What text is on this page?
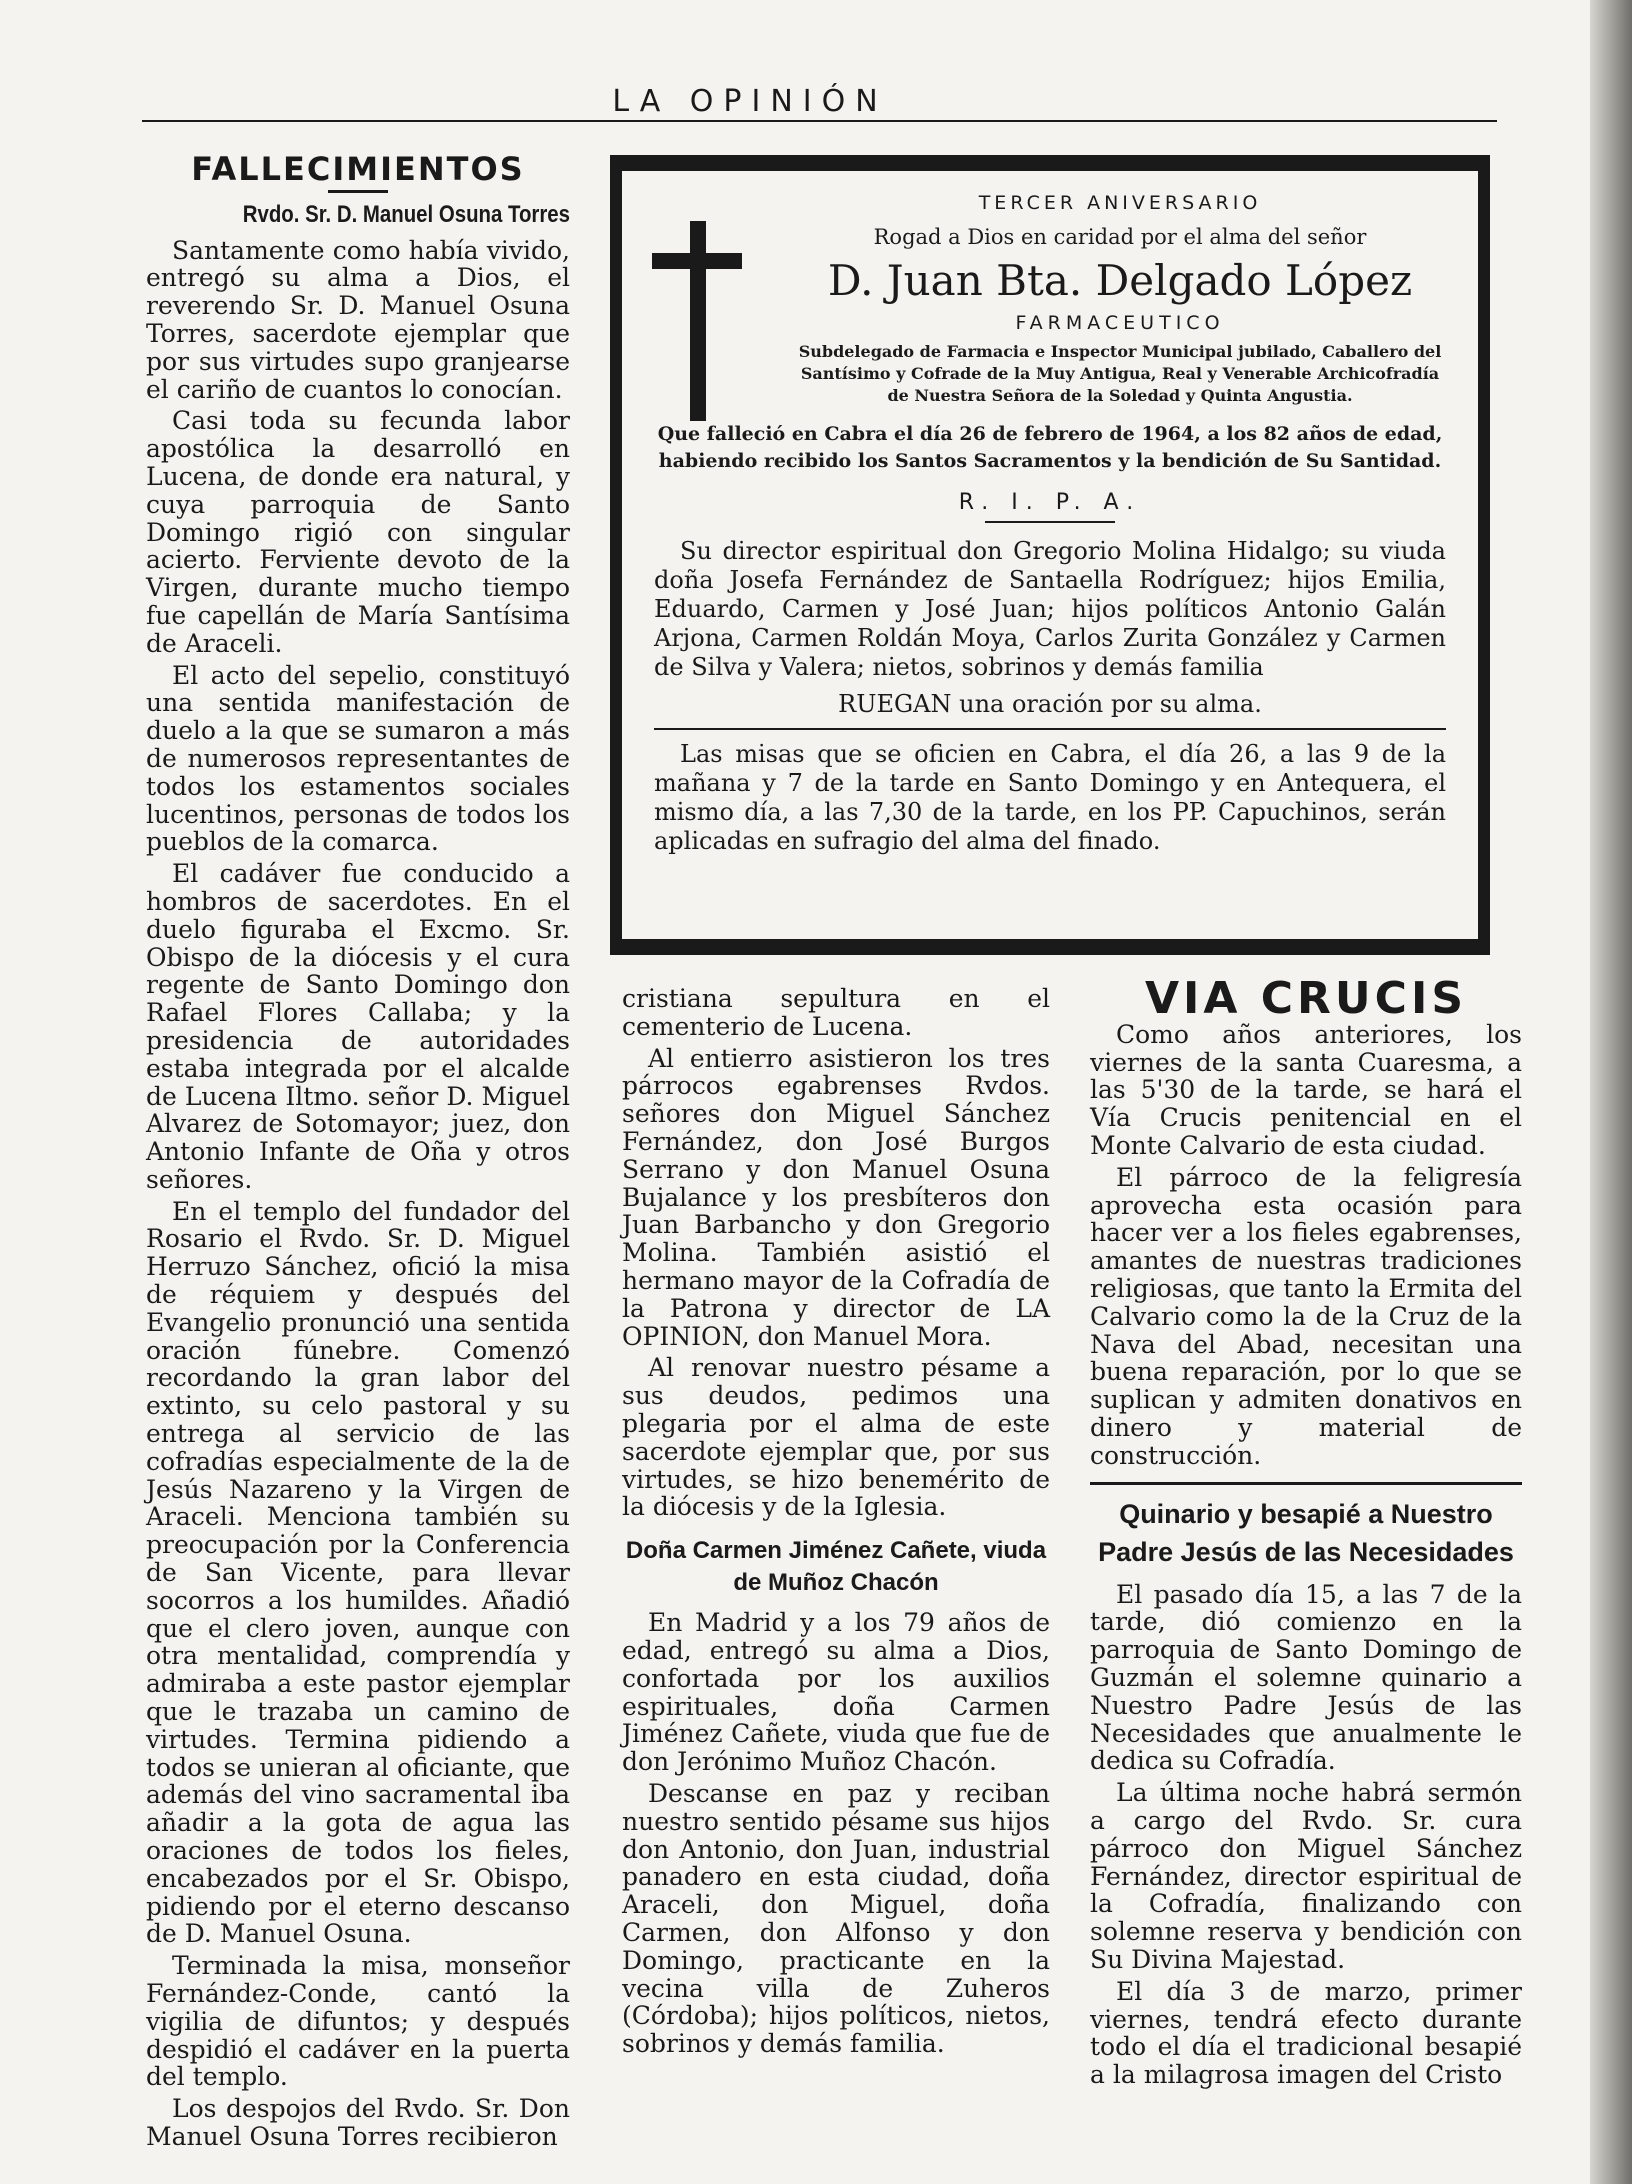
LA OPINIÓN
FALLECIMIENTOS
Rvdo. Sr. D. Manuel Osuna Torres

Santamente como había vivido, entregó su alma a Dios, el reverendo Sr. D. Manuel Osuna Torres, sacerdote ejemplar que por sus virtudes supo granjearse el cariño de cuantos lo conocían.

Casi toda su fecunda labor apostólica la desarrolló en Lucena, de donde era natural, y cuya parroquia de Santo Domingo rigió con singular acierto. Ferviente devoto de la Virgen, durante mucho tiempo fue capellán de María Santísima de Araceli.

El acto del sepelio, constituyó una sentida manifestación de duelo a la que se sumaron a más de numerosos representantes de todos los estamentos sociales lucentinos, personas de todos los pueblos de la comarca.

El cadáver fue conducido a hombros de sacerdotes. En el duelo figuraba el Excmo. Sr. Obispo de la diócesis y el cura regente de Santo Domingo don Rafael Flores Callaba; y la presidencia de autoridades estaba integrada por el alcalde de Lucena Iltmo. señor D. Miguel Alvarez de Sotomayor; juez, don Antonio Infante de Oña y otros señores.

En el templo del fundador del Rosario el Rvdo. Sr. D. Miguel Herruzo Sánchez, ofició la misa de réquiem y después del Evangelio pronunció una sentida oración fúnebre. Comenzó recordando la gran labor del extinto, su celo pastoral y su entrega al servicio de las cofradías especialmente de la de Jesús Nazareno y la Virgen de Araceli. Menciona también su preocupación por la Conferencia de San Vicente, para llevar socorros a los humildes. Añadió que el clero joven, aunque con otra mentalidad, comprendía y admiraba a este pastor ejemplar que le trazaba un camino de virtudes. Termina pidiendo a todos se unieran al oficiante, que además del vino sacramental iba añadir a la gota de agua las oraciones de todos los fieles, encabezados por el Sr. Obispo, pidiendo por el eterno descanso de D. Manuel Osuna.

Terminada la misa, monseñor Fernández-Conde, cantó la vigilia de difuntos; y después despidió el cadáver en la puerta del templo.

Los despojos del Rvdo. Sr. Don Manuel Osuna Torres recibieron

TERCER ANIVERSARIO
Rogad a Dios en caridad por el alma del señor
D. Juan Bta. Delgado López
FARMACEUTICO
Subdelegado de Farmacia e Inspector Municipal jubilado, Caballero del Santísimo y Cofrade de la Muy Antigua, Real y Venerable Archicofradía de Nuestra Señora de la Soledad y Quinta Angustia.
Que falleció en Cabra el día 26 de febrero de 1964, a los 82 años de edad, habiendo recibido los Santos Sacramentos y la bendición de Su Santidad.
R. I. P. A.
Su director espiritual don Gregorio Molina Hidalgo; su viuda doña Josefa Fernández de Santaella Rodríguez; hijos Emilia, Eduardo, Carmen y José Juan; hijos políticos Antonio Galán Arjona, Carmen Roldán Moya, Carlos Zurita González y Carmen de Silva y Valera; nietos, sobrinos y demás familia
RUEGAN una oración por su alma.
Las misas que se oficien en Cabra, el día 26, a las 9 de la mañana y 7 de la tarde en Santo Domingo y en Antequera, el mismo día, a las 7,30 de la tarde, en los PP. Capuchinos, serán aplicadas en sufragio del alma del finado.

cristiana sepultura en el cementerio de Lucena.

Al entierro asistieron los tres párrocos egabrenses Rvdos. señores don Miguel Sánchez Fernández, don José Burgos Serrano y don Manuel Osuna Bujalance y los presbíteros don Juan Barbancho y don Gregorio Molina. También asistió el hermano mayor de la Cofradía de la Patrona y director de LA OPINION, don Manuel Mora.

Al renovar nuestro pésame a sus deudos, pedimos una plegaria por el alma de este sacerdote ejemplar que, por sus virtudes, se hizo benemérito de la diócesis y de la Iglesia.

Doña Carmen Jiménez Cañete, viuda de Muñoz Chacón

En Madrid y a los 79 años de edad, entregó su alma a Dios, confortada por los auxilios espirituales, doña Carmen Jiménez Cañete, viuda que fue de don Jerónimo Muñoz Chacón.

Descanse en paz y reciban nuestro sentido pésame sus hijos don Antonio, don Juan, industrial panadero en esta ciudad, doña Araceli, don Miguel, doña Carmen, don Alfonso y don Domingo, practicante en la vecina villa de Zuheros (Córdoba); hijos políticos, nietos, sobrinos y demás familia.

VIA CRUCIS

Como años anteriores, los viernes de la santa Cuaresma, a las 5'30 de la tarde, se hará el Vía Crucis penitencial en el Monte Calvario de esta ciudad.

El párroco de la feligresía aprovecha esta ocasión para hacer ver a los fieles egabrenses, amantes de nuestras tradiciones religiosas, que tanto la Ermita del Calvario como la de la Cruz de la Nava del Abad, necesitan una buena reparación, por lo que se suplican y admiten donativos en dinero y material de construcción.

Quinario y besapié a Nuestro Padre Jesús de las Necesidades

El pasado día 15, a las 7 de la tarde, dió comienzo en la parroquia de Santo Domingo de Guzmán el solemne quinario a Nuestro Padre Jesús de las Necesidades que anualmente le dedica su Cofradía.

La última noche habrá sermón a cargo del Rvdo. Sr. cura párroco don Miguel Sánchez Fernández, director espiritual de la Cofradía, finalizando con solemne reserva y bendición con Su Divina Majestad.

El día 3 de marzo, primer viernes, tendrá efecto durante todo el día el tradicional besapié a la milagrosa imagen del Cristo
